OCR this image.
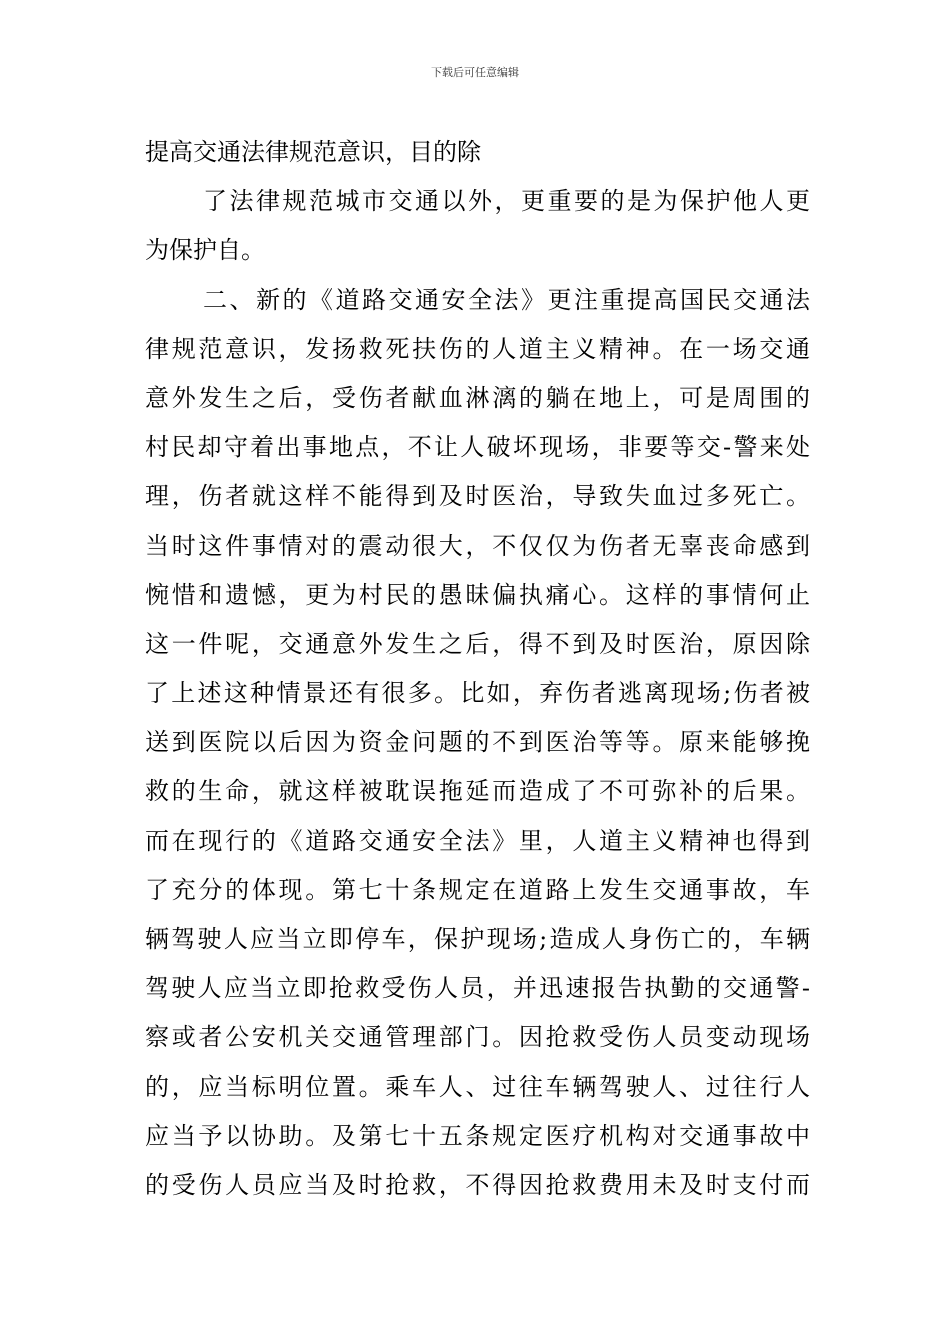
下载后可任意编辑
提高交通法律规范意识，目的除
了法律规范城市交通以外，更重要的是为保护他人更
为保护自。
二、新的《道路交通安全法》更注重提高国民交通法
律规范意识，发扬救死扶伤的人道主义精神。在一场交通
意外发生之后，受伤者献血淋漓的躺在地上，可是周围的
村民却守着出事地点，不让人破坏现场，非要等交-警来处
理，伤者就这样不能得到及时医治，导致失血过多死亡。
当时这件事情对的震动很大，不仅仅为伤者无辜丧命感到
惋惜和遗憾，更为村民的愚昧偏执痛心。这样的事情何止
这一件呢，交通意外发生之后，得不到及时医治，原因除
了上述这种情景还有很多。比如，弃伤者逃离现场;伤者被
送到医院以后因为资金问题的不到医治等等。原来能够挽
救的生命，就这样被耽误拖延而造成了不可弥补的后果。
而在现行的《道路交通安全法》里，人道主义精神也得到
了充分的体现。第七十条规定在道路上发生交通事故，车
辆驾驶人应当立即停车，保护现场;造成人身伤亡的，车辆
驾驶人应当立即抢救受伤人员，并迅速报告执勤的交通警-
察或者公安机关交通管理部门。因抢救受伤人员变动现场
的，应当标明位置。乘车人、过往车辆驾驶人、过往行人
应当予以协助。及第七十五条规定医疗机构对交通事故中
的受伤人员应当及时抢救，不得因抢救费用未及时支付而
